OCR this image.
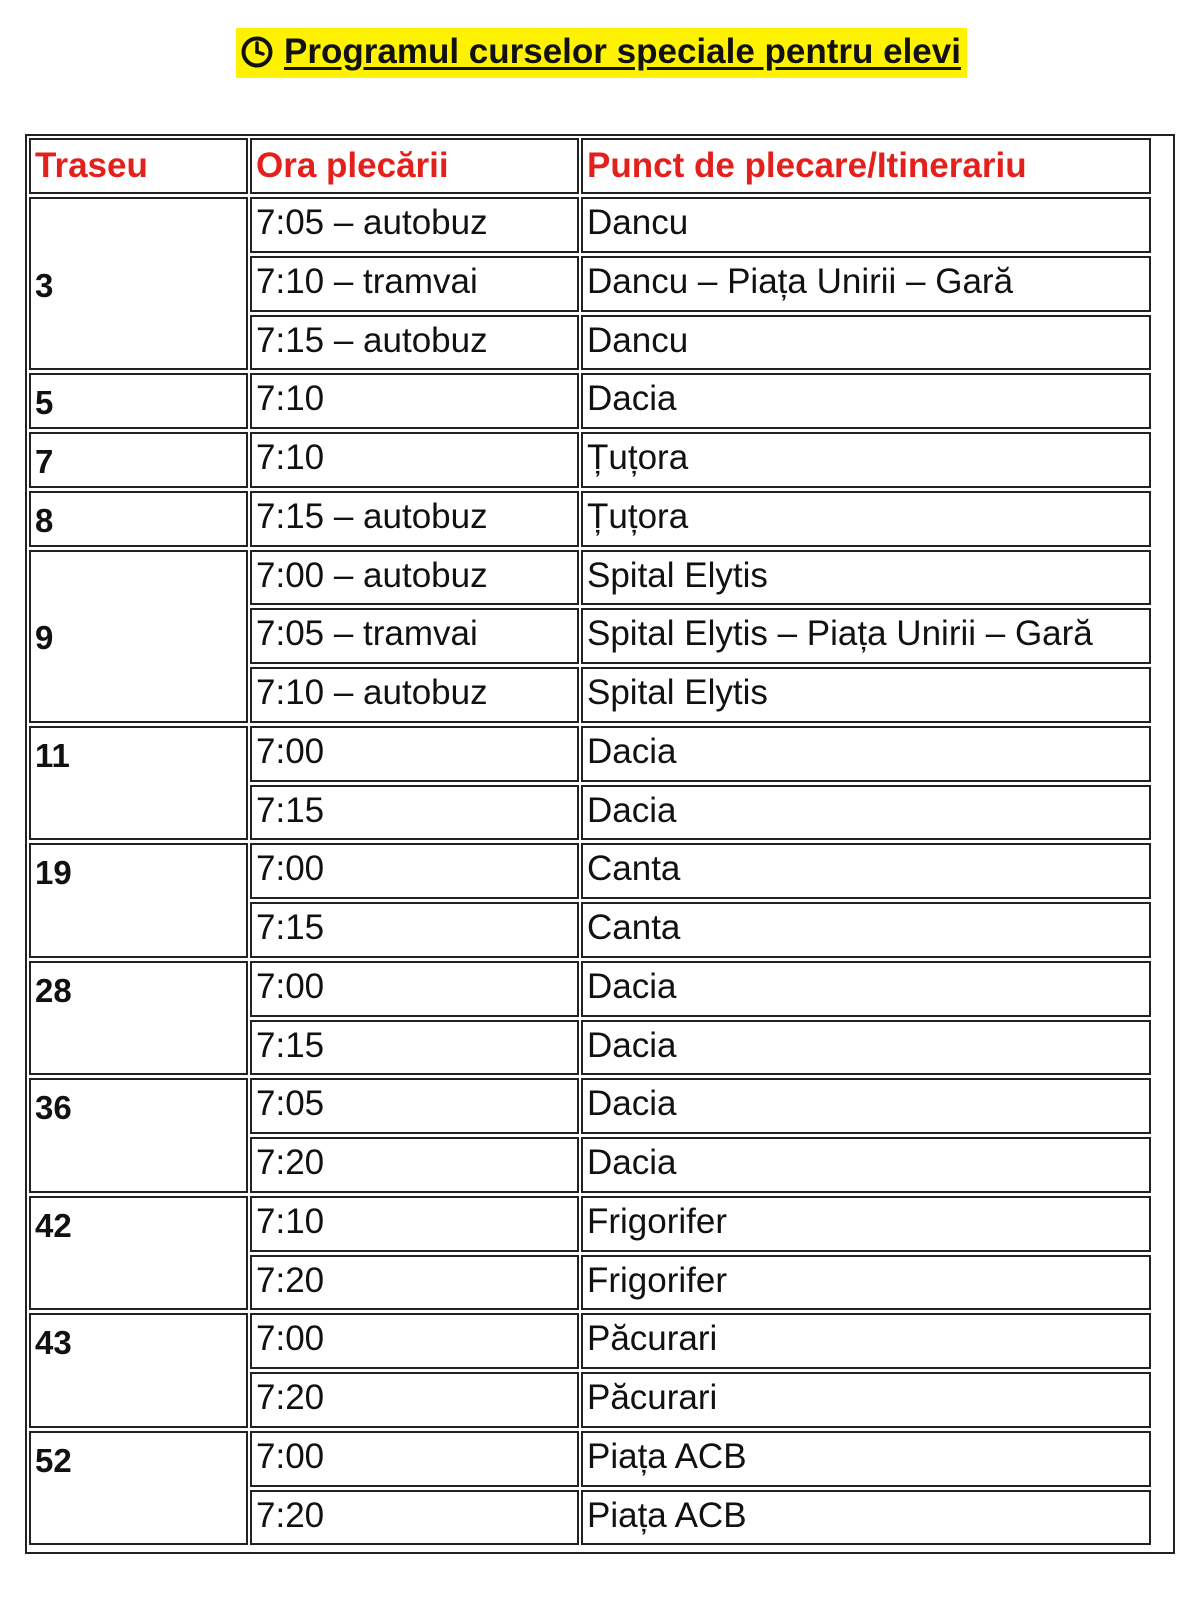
Programul curselor speciale pentru elevi
Traseu	Ora plecării	Punct de plecare/Itinerariu
3
7:05 – autobuz	Dancu
7:10 – tramvai	Dancu – Piața Unirii – Gară
7:15 – autobuz	Dancu
5	7:10	Dacia
7	7:10	Țuțora
8	7:15 – autobuz	Țuțora
9
7:00 – autobuz	Spital Elytis
7:05 – tramvai	Spital Elytis – Piața Unirii – Gară
7:10 – autobuz	Spital Elytis
11	7:00	Dacia
7:15	Dacia
19	7:00	Canta
7:15	Canta
28	7:00	Dacia
7:15	Dacia
36	7:05	Dacia
7:20	Dacia
42	7:10	Frigorifer
7:20	Frigorifer
43	7:00	Păcurari
7:20	Păcurari
52	7:00	Piața ACB
7:20	Piața ACB
